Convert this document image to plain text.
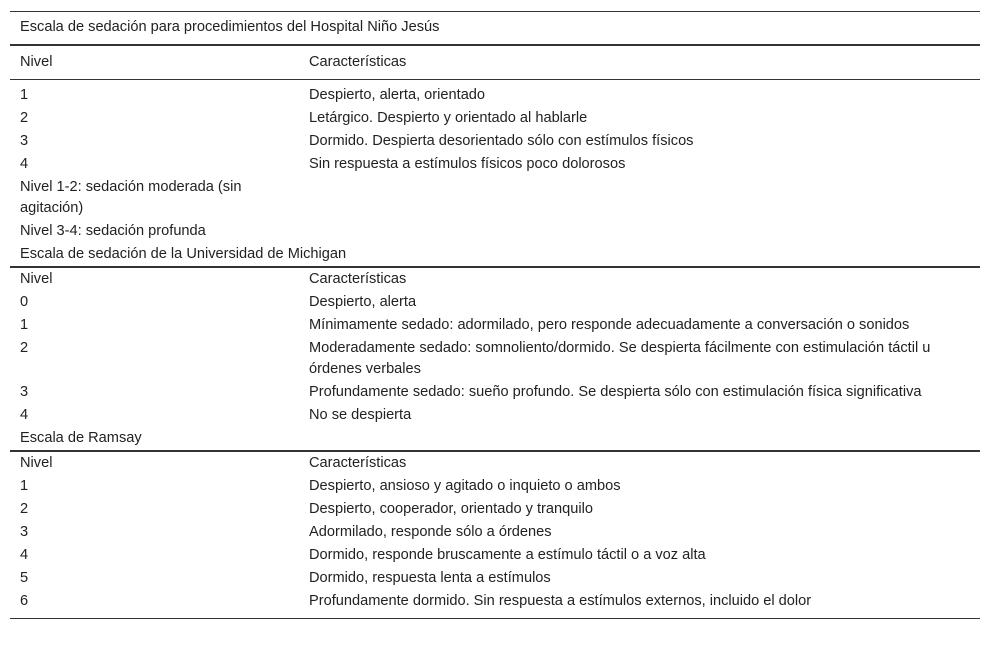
Escala de sedación para procedimientos del Hospital Niño Jesús	
Nivel	Características
1	Despierto, alerta, orientado
2	Letárgico. Despierto y orientado al hablarle
3	Dormido. Despierta desorientado sólo con estímulos físicos
4	Sin respuesta a estímulos físicos poco dolorosos
Nivel 1-2: sedación moderada (sin agitación)	
Nivel 3-4: sedación profunda	
Escala de sedación de la Universidad de Michigan	
Nivel	Características
0	Despierto, alerta
1	Mínimamente sedado: adormilado, pero responde adecuadamente a conversación o sonidos
2	Moderadamente sedado: somnoliento/dormido. Se despierta fácilmente con estimulación táctil u órdenes verbales
3	Profundamente sedado: sueño profundo. Se despierta sólo con estimulación física significativa
4	No se despierta
Escala de Ramsay	
Nivel	Características
1	Despierto, ansioso y agitado o inquieto o ambos
2	Despierto, cooperador, orientado y tranquilo
3	Adormilado, responde sólo a órdenes
4	Dormido, responde bruscamente a estímulo táctil o a voz alta
5	Dormido, respuesta lenta a estímulos
6	Profundamente dormido. Sin respuesta a estímulos externos, incluido el dolor
